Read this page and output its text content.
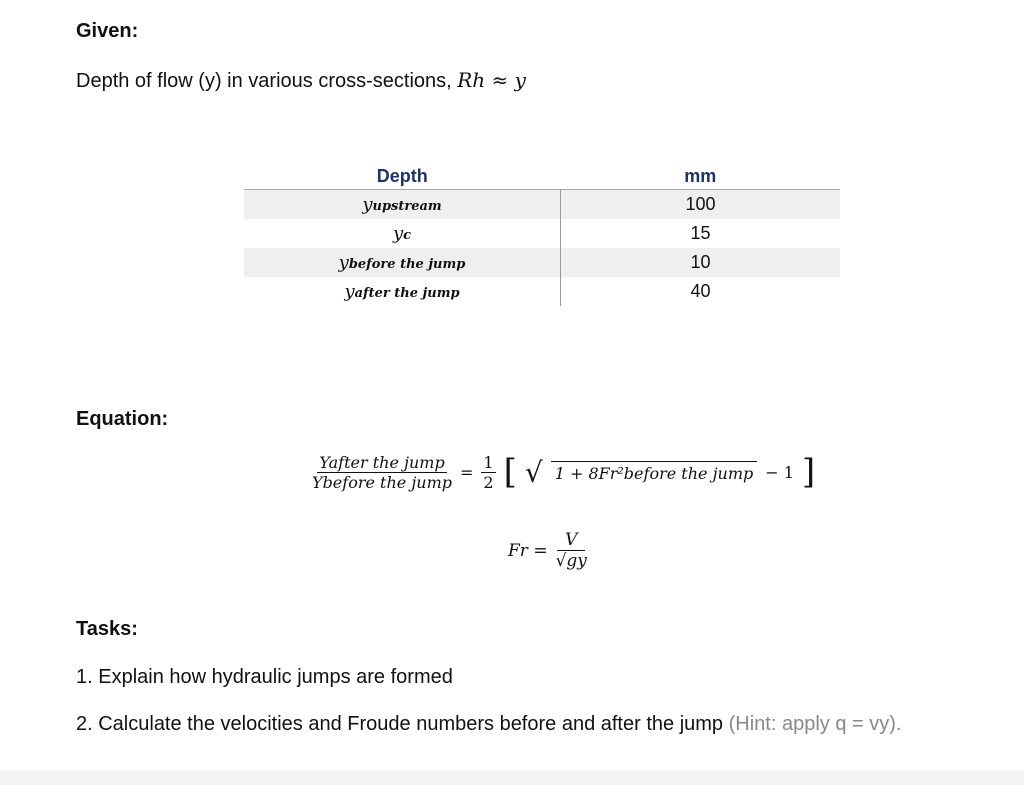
Given:
Depth of flow (y) in various cross-sections, Rh ≈ y
Depth	mm
yupstream	100
yc	15
ybefore the jump	10
yafter the jump	40
Equation:
$\frac{\text{Yafter the jump}}{\text{Ybefore the jump}} = \frac{1}{2}$ [ √ 1 + 8Fr²before the jump − 1 ]
$Fr = \frac{V}{√gy}$
Tasks:
1. Explain how hydraulic jumps are formed
2. Calculate the velocities and Froude numbers before and after the jump (Hint: apply q = vy).
